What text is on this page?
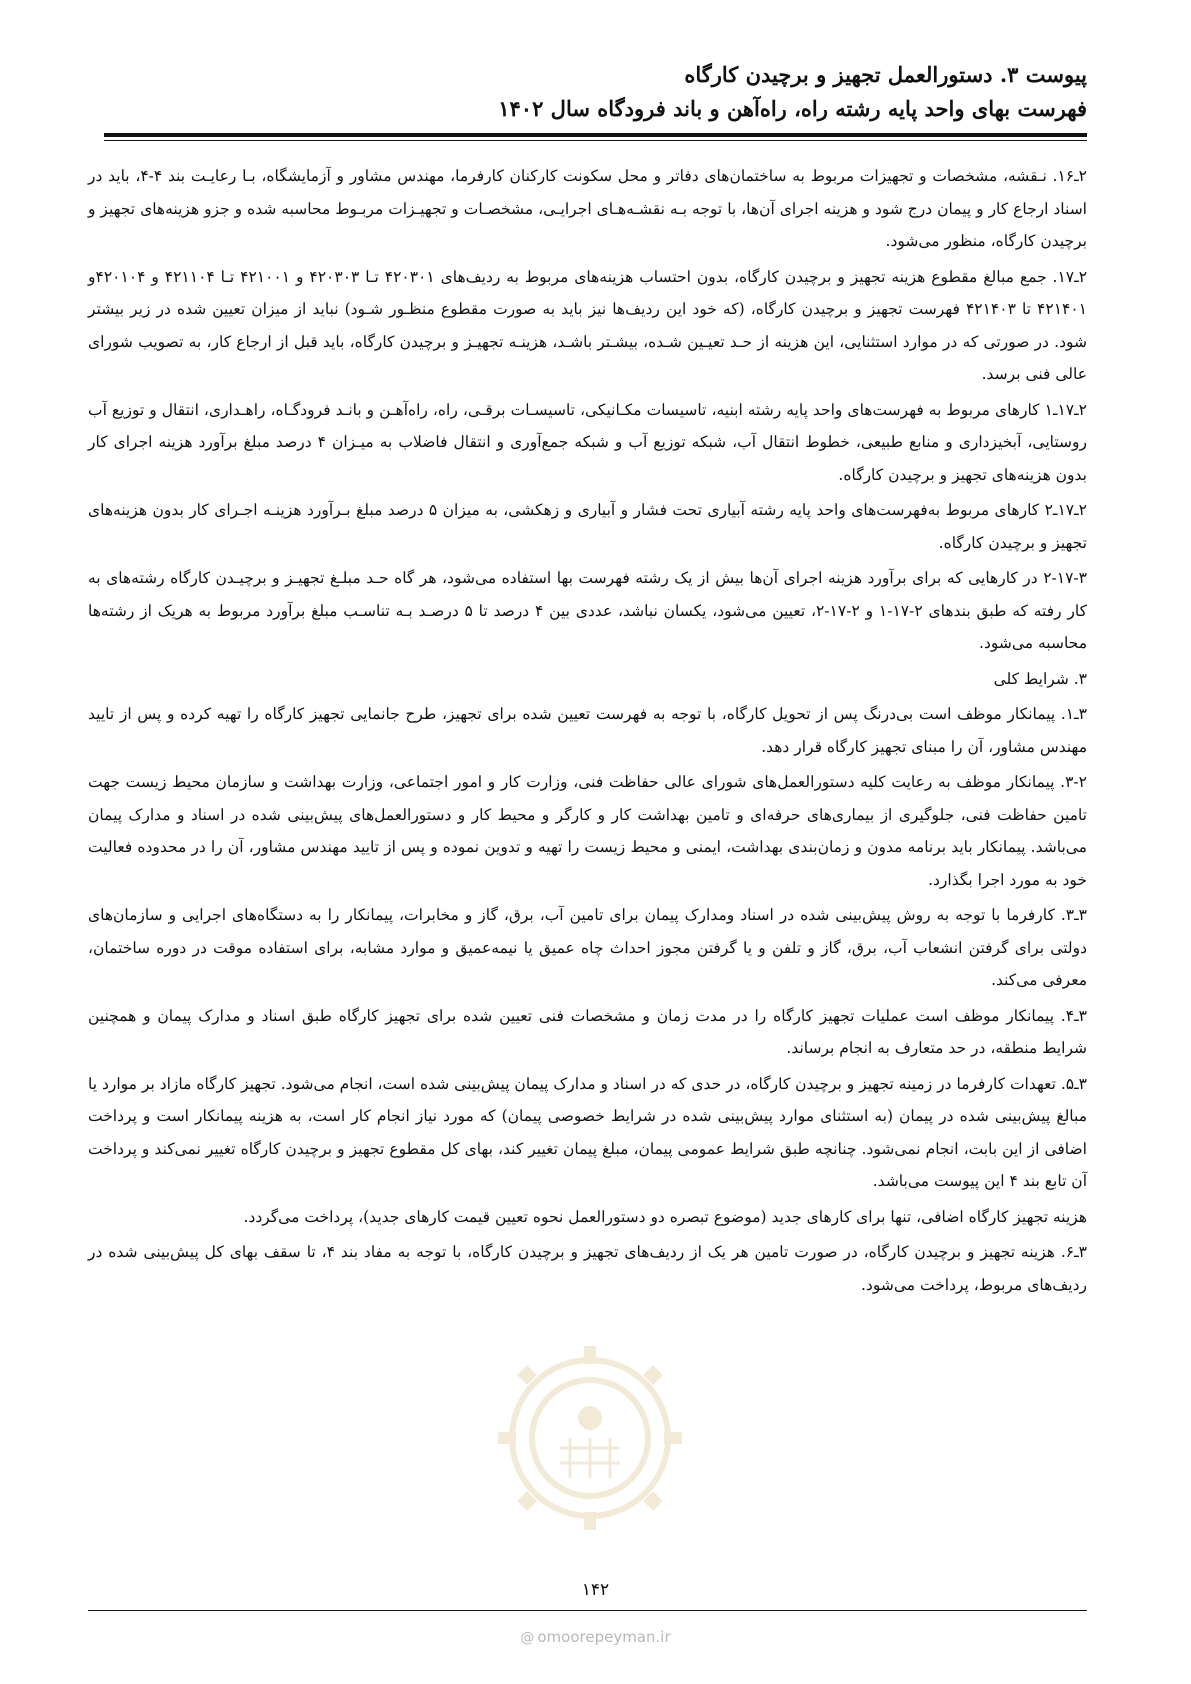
پیوست ۳. دستورالعمل تجهیز و برچیدن کارگاه
فهرست بهای واحد پایه رشته راه، راه‌آهن و باند فرودگاه سال ۱۴۰۲

۲ـ۱۶. نـقشه، مشخصات و تجهیزات مربوط به ساختمان‌های دفاتر و محل سکونت کارکنان کارفرما، مهندس مشاور و آزمایشگاه، بـا رعایـت بند ۴-۴، باید در اسناد ارجاع کار و پیمان درج شود و هزینه اجرای آن‌ها، با توجه بـه نقشـه‌هـای اجرایـی، مشخصـات و تجهیـزات مربـوط محاسبه شده و جزو هزینه‌های تجهیز و برچیدن کارگاه، منظور می‌شود.

۲ـ۱۷. جمع مبالغ مقطوع هزینه تجهیز و برچیدن کارگاه، بدون احتساب هزینه‌های مربوط به ردیف‌های ۴۲۰۳۰۱ تـا ۴۲۰۳۰۳ و ۴۲۱۰۰۱ تـا ۴۲۱۱۰۴ و ۴۲۰۱۰۴و ۴۲۱۴۰۱ تا ۴۲۱۴۰۳ فهرست تجهیز و برچیدن کارگاه، (که خود این ردیف‌ها نیز باید به صورت مقطوع منظـور شـود) نباید از میزان تعیین شده در زیر بیشتر شود. در صورتی که در موارد استثنایی، این هزینه از حـد تعیـین شـده، بیشـتر باشـد، هزینـه تجهیـز و برچیدن کارگاه، باید قبل از ارجاع کار، به تصویب شورای عالی فنی برسد.

۲ـ۱۷ـ۱ کارهای مربوط به فهرست‌های واحد پایه رشته ابنیه، تاسیسات مکـانیکی، تاسیسـات برقـی، راه، راه‌آهـن و بانـد فرودگـاه، راهـداری، انتقال و توزیع آب روستایی، آبخیزداری و منابع طبیعی، خطوط انتقال آب، شبکه توزیع آب و شبکه جمع‌آوری و انتقال فاضلاب به میـزان ۴ درصد مبلغ برآورد هزینه اجرای کار بدون هزینه‌های تجهیز و برچیدن کارگاه.

۲ـ۱۷ـ۲ کارهای مربوط به‌فهرست‌های واحد پایه رشته آبیاری تحت فشار و آبیاری و زهکشی، به میزان ۵ درصد مبلغ بـرآورد هزینـه اجـرای کار بدون هزینه‌های تجهیز و برچیدن کارگاه.

۲-۱۷-۳ در کارهایی که برای برآورد هزینه اجرای آن‌ها بیش از یک رشته فهرست بها استفاده می‌شود، هر گاه حـد مبلـغ تجهیـز و برچیـدن کارگاه رشته‌های به کار رفته که طبق بندهای ۲-۱۷-۱ و ۲-۱۷-۲، تعیین می‌شود، یکسان نباشد، عددی بین ۴ درصد تا ۵ درصـد بـه تناسـب مبلغ برآورد مربوط به هریک از رشته‌ها محاسبه می‌شود.

۳. شرایط کلی

۳ـ۱. پیمانکار موظف است بی‌درنگ پس از تحویل کارگاه، با توجه به فهرست تعیین شده برای تجهیز، طرح جانمایی تجهیز کارگاه را تهیه کرده و پس از تایید مهندس مشاور، آن را مبنای تجهیز کارگاه قرار دهد.

۳-۲. پیمانکار موظف به رعایت کلیه دستورالعمل‌های شورای عالی حفاظت فنی، وزارت کار و امور اجتماعی، وزارت بهداشت و سازمان محیط زیست جهت تامین حفاظت فنی، جلوگیری از بیماری‌های حرفه‌ای و تامین بهداشت کار و کارگر و محیط کار و دستورالعمل‌های پیش‌بینی شده در اسناد و مدارک پیمان می‌باشد. پیمانکار باید برنامه مدون و زمان‌بندی بهداشت، ایمنی و محیط زیست را تهیه و تدوین نموده و پس از تایید مهندس مشاور، آن را در محدوده فعالیت خود به مورد اجرا بگذارد.

۳ـ۳. کارفرما با توجه به روش پیش‌بینی شده در اسناد ومدارک پیمان برای تامین آب، برق، گاز و مخابرات، پیمانکار را به دستگاه‌های اجرایی و سازمان‌های دولتی برای گرفتن انشعاب آب، برق، گاز و تلفن و یا گرفتن مجوز احداث چاه عمیق یا نیمه‌عمیق و موارد مشابه، برای استفاده موقت در دوره ساختمان، معرفی می‌کند.

۳ـ۴. پیمانکار موظف است عملیات تجهیز کارگاه را در مدت زمان و مشخصات فنی تعیین شده برای تجهیز کارگاه طبق اسناد و مدارک پیمان و همچنین شرایط منطقه، در حد متعارف به انجام برساند.

۳ـ۵. تعهدات کارفرما در زمینه تجهیز و برچیدن کارگاه، در حدی که در اسناد و مدارک پیمان پیش‌بینی شده است، انجام می‌شود. تجهیز کارگاه مازاد بر موارد یا مبالغ پیش‌بینی شده در پیمان (به استثنای موارد پیش‌بینی شده در شرایط خصوصی پیمان) که مورد نیاز انجام کار است، به هزینه پیمانکار است و پرداخت اضافی از این بابت، انجام نمی‌شود. چنانچه طبق شرایط عمومی پیمان، مبلغ پیمان تغییر کند، بهای کل مقطوع تجهیز و برچیدن کارگاه تغییر نمی‌کند و پرداخت آن تابع بند ۴ این پیوست می‌باشد.

هزینه تجهیز کارگاه اضافی، تنها برای کارهای جدید (موضوع تبصره دو دستورالعمل نحوه تعیین قیمت کارهای جدید)، پرداخت می‌گردد.

۳ـ۶. هزینه تجهیز و برچیدن کارگاه، در صورت تامین هر یک از ردیف‌های تجهیز و برچیدن کارگاه، با توجه به مفاد بند ۴، تا سقف بهای کل پیش‌بینی شده در ردیف‌های مربوط، پرداخت می‌شود.

۱۴۲
@ omoorepeyman.ir
